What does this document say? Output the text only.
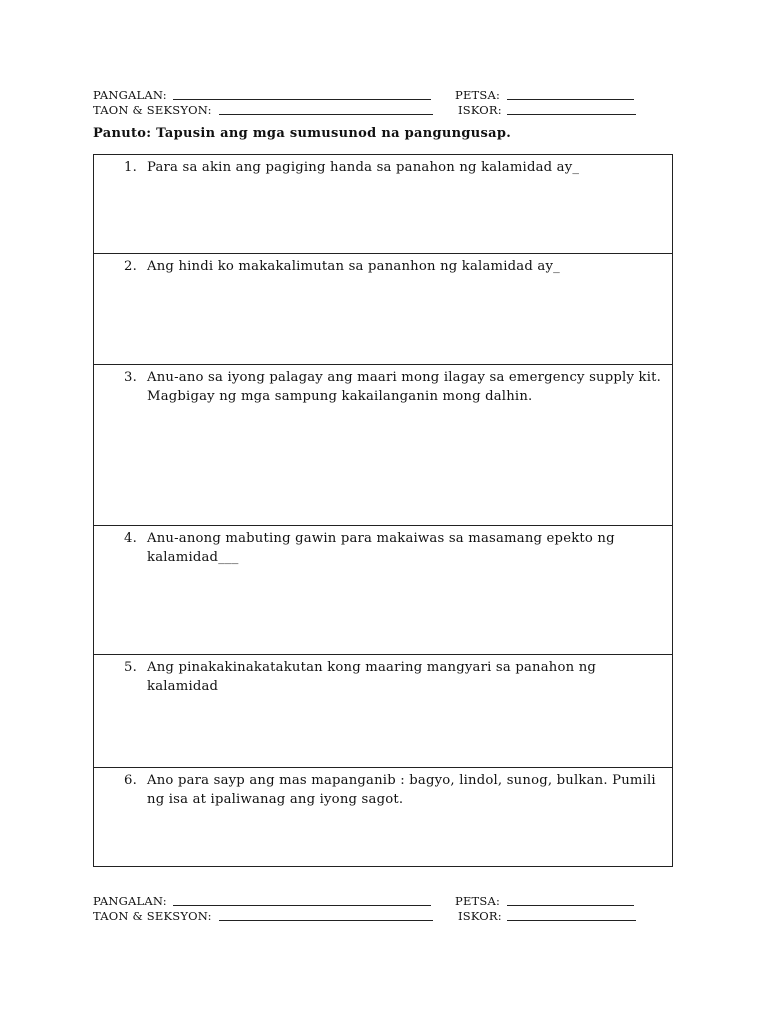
PANGALAN:	PETSA:
TAON & SEKSYON:	ISKOR:
Panuto: Tapusin ang mga sumusunod na pangungusap.
1. Para sa akin ang pagiging handa sa panahon ng kalamidad ay_
2. Ang hindi ko makakalimutan sa pananhon ng kalamidad ay_
3. Anu-ano sa iyong palagay ang maari mong ilagay sa emergency supply kit. Magbigay ng mga sampung kakailanganin mong dalhin.
4. Anu-anong mabuting gawin para makaiwas sa masamang epekto ng kalamidad___
5. Ang pinakakinakatakutan kong maaring mangyari sa panahon ng kalamidad
6. Ano para sayp ang mas mapanganib : bagyo, lindol, sunog, bulkan. Pumili ng isa at ipaliwanag ang iyong sagot.
PANGALAN:	PETSA:
TAON & SEKSYON:	ISKOR:
